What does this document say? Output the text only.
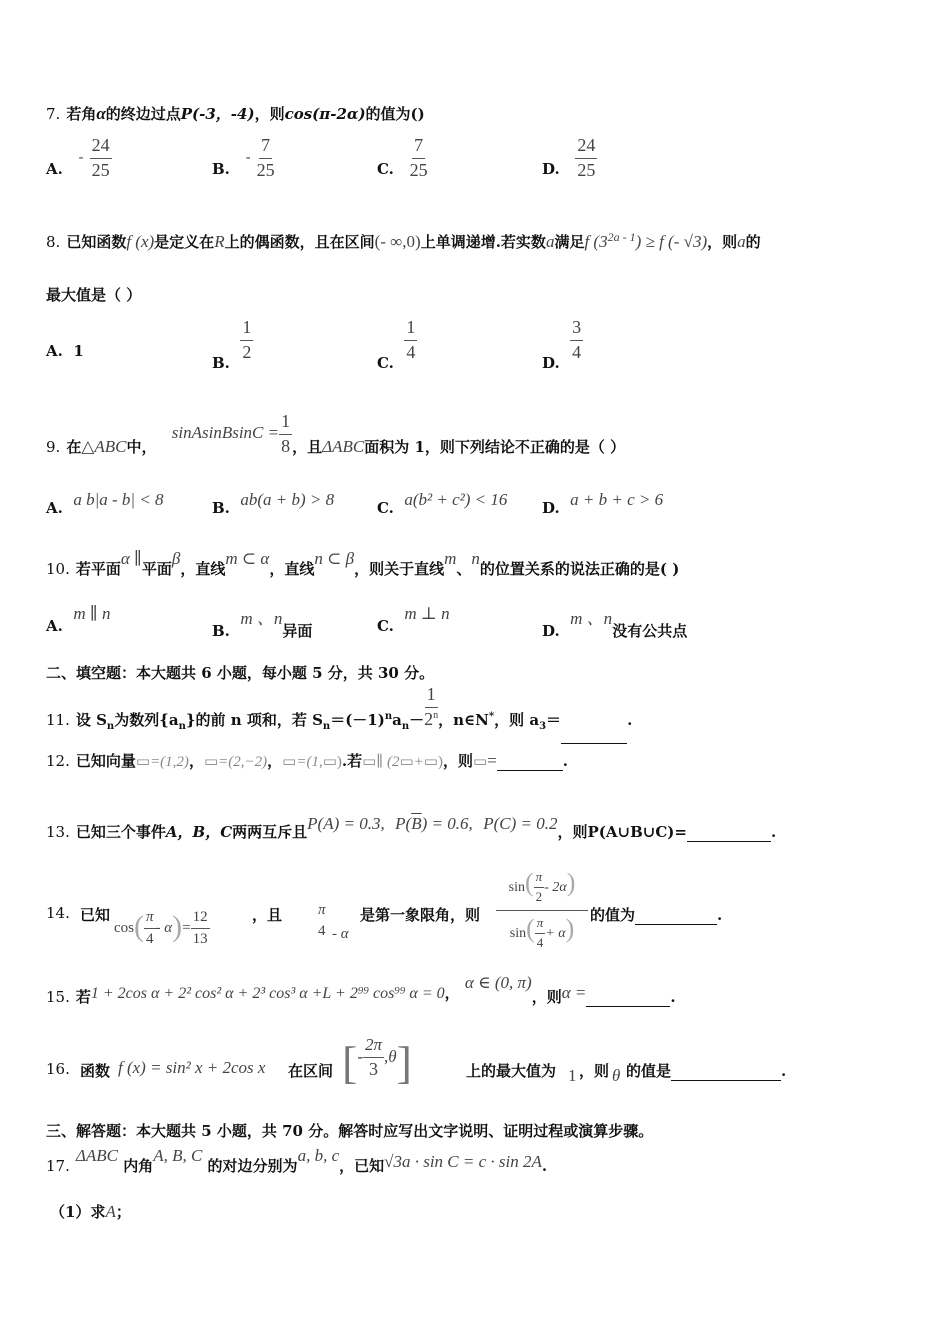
7. 若角α的终边过点P(-3，-4)，则cos(π-2α)的值为()
8. 已知函数f (x)是定义在R上的偶函数，且在区间(- ∞,0)上单调递增.若实数a满足f $(3^{2a - 1}) \ge f$ (- √3)，则a的
最大值是（ ）
A. 1
B.
$\frac{1}{2}$
C.
$\frac{1}{4}$
D.
$\frac{3}{4}$
9. 在△ABC中， sinAsinBsinC = $\frac{1}{8}$ ，且ΔABC面积为 1，则下列结论不正确的是（ ）
A. a b|a - b| < 8	B. ab(a + b) > 8	C. a(b² + c²) < 16 D. a + b + c > 6
10. 若平面α ∥平面β，直线m ⊂ α，直线n ⊂ β，则关于直线m、n的位置关系的说法正确的是( )
A.  m ∥ n
B.  m 、n异面	C.  m ⊥ n
D.  m 、n没有公共点
二、填空题：本大题共 6 小题，每小题 5 分，共 30 分。
11. 设 $S_n$为数列$\{a_n\}$的前 n 项和，若 $S_n=(-1)^na_n- \frac{1}{2^n}$ ，n∈N*，则 $a_3=$	.
12. 已知向量▭=(1,2)，▭=(2,−2)，▭=(1,▭).若▭∥ (2▭+▭)，则▭=	.
13. 已知三个事件A，B，C两两互斥且P(A) = 0.3, $P(\overline{B}) = 0.6$, P(C) = 0.2，则P(A∪B∪C)=	.
14. 已知
$\cos( \frac{\pi}{4} - \alpha)= \frac{12}{13}$	，且 π
4 - α
是第一象限角，则
$\sin( \frac{\pi}{2} - 2\alpha)$
$\sin( \frac{\pi}{4} + \alpha)$	的值为	.
15. 若1 + 2cos α + 2² cos² α + 2³ cos³ α +L + 2⁹⁹ cos⁹⁹ α = 0， α ∈ (0, π)，则α =	.
16. 函数 f (x) = sin² x + 2cos x 在区间 [- $\frac{2\pi}{3} ,\theta$]	上的最大值为 1 ，则 θ 的值是	.
三、解答题：本大题共 5 小题，共 70 分。解答时应写出文字说明、证明过程或演算步骤。
17.ΔABC 内角A, B, C 的对边分别为a, b, c，已知√3a · sin C = c · sin 2A.
（1）求A；
A.   - $\frac{24}{25}$	B.   - $\frac{7}{25}$	C. $\frac{7}{25}$	D. $\frac{24}{25}$
